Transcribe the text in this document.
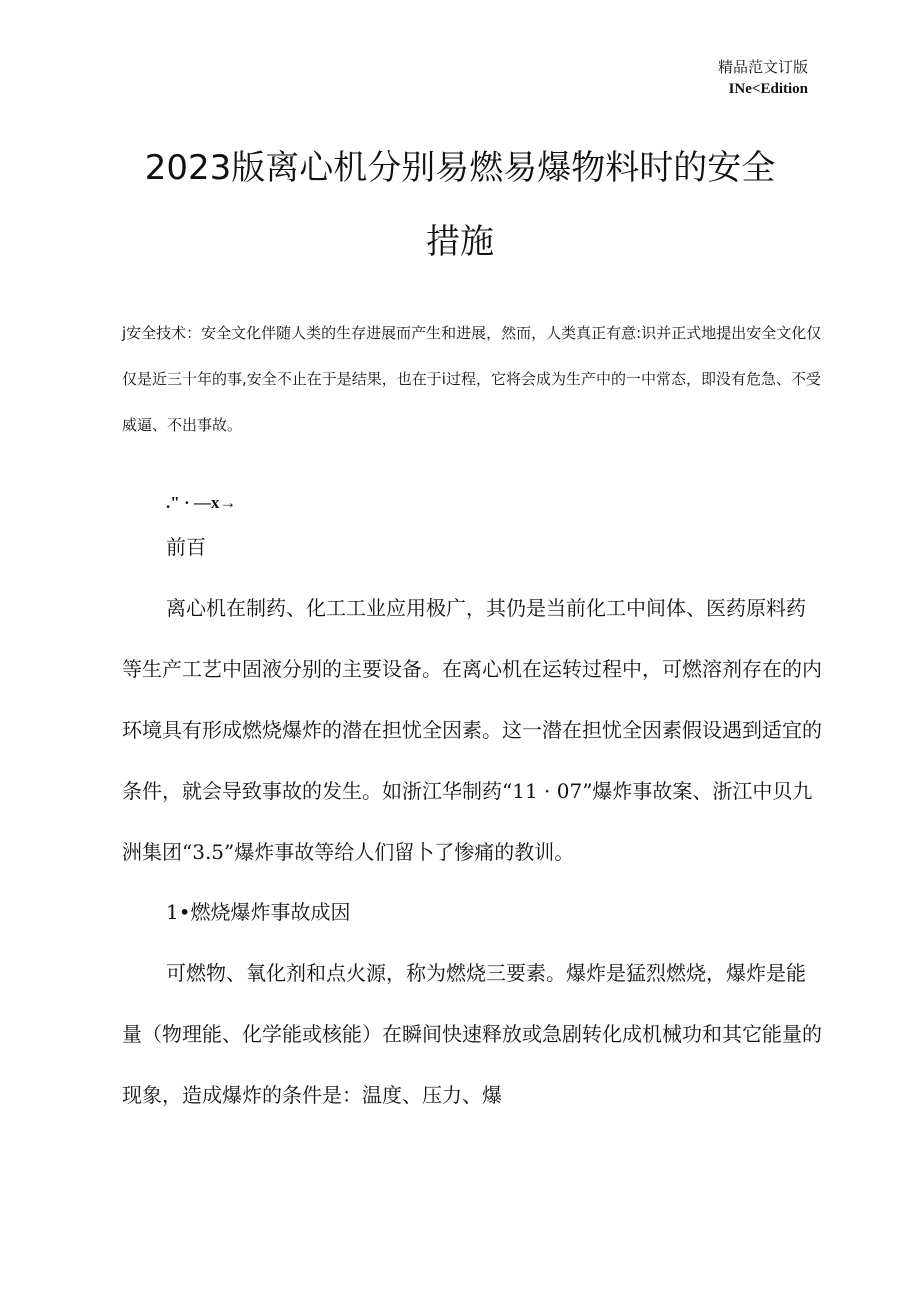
精品范文订版
INe<Edition
2023版离心机分别易燃易爆物料时的安全
措施

j安全技术：安全文化伴随人类的生存进展而产生和进展，然而，人类真正有意:识并正式地提出安全文化仅仅是近三十年的事,安全不止在于是结果，也在于i过程，它将会成为生产中的一中常态，即没有危急、不受威逼、不出事故。

." · —x→

前百

离心机在制药、化工工业应用极广，其仍是当前化工中间体、医药原料药等生产工艺中固液分别的主要设备。在离心机在运转过程中，可燃溶剂存在的内环境具有形成燃烧爆炸的潜在担忧全因素。这一潜在担忧全因素假设遇到适宜的条件，就会导致事故的发生。如浙江华制药“11 · 07”爆炸事故案、浙江中贝九洲集团“3.5”爆炸事故等给人们留卜了惨痛的教训。

1•燃烧爆炸事故成因

可燃物、氧化剂和点火源，称为燃烧三要素。爆炸是猛烈燃烧，爆炸是能量（物理能、化学能或核能）在瞬间快速释放或急剧转化成机械功和其它能量的现象，造成爆炸的条件是：温度、压力、爆
